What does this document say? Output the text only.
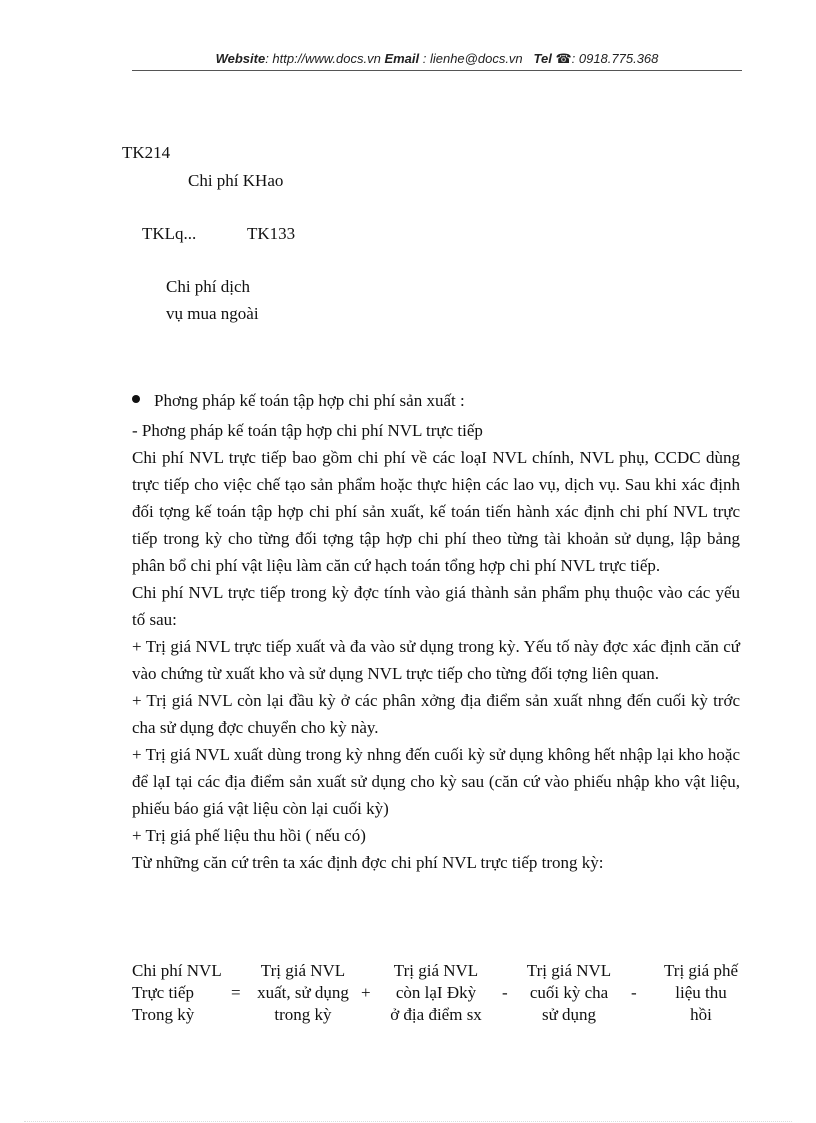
Website: http://www.docs.vn Email : lienhe@docs.vn Tel ☎: 0918.775.368
TK214
Chi phí KHao
TKLq...	TK133
Chi phí dịch
vụ mua ngoài
Phơng pháp kế toán tập hợp chi phí sản xuất :

- Phơng pháp kế toán tập hợp chi phí NVL trực tiếp

Chi phí NVL trực tiếp bao gồm chi phí về các loạI NVL chính, NVL phụ, CCDC dùng trực tiếp cho việc chế tạo sản phẩm hoặc thực hiện các lao vụ, dịch vụ. Sau khi xác định đối tợng kế toán tập hợp chi phí sản xuất, kế toán tiến hành xác định chi phí NVL trực tiếp trong kỳ cho từng đối tợng tập hợp chi phí theo từng tài khoản sử dụng, lập bảng phân bổ chi phí vật liệu làm căn cứ hạch toán tổng hợp chi phí NVL trực tiếp.

Chi phí NVL trực tiếp trong kỳ đợc tính vào giá thành sản phẩm phụ thuộc vào các yếu tố sau:

+ Trị giá NVL trực tiếp xuất và đa vào sử dụng trong kỳ. Yếu tố này đợc xác định căn cứ vào chứng từ xuất kho và sử dụng NVL trực tiếp cho từng đối tợng liên quan.

+ Trị giá NVL còn lại đầu kỳ ở các phân xởng địa điểm sản xuất nhng đến cuối kỳ trớc cha sử dụng đợc chuyển cho kỳ này.

+ Trị giá NVL xuất dùng trong kỳ nhng đến cuối kỳ sử dụng không hết nhập lại kho hoặc để lạI tại các địa điểm sản xuất sử dụng cho kỳ sau (căn cứ vào phiếu nhập kho vật liệu, phiếu báo giá vật liệu còn lại cuối kỳ)

+ Trị giá phế liệu thu hồi ( nếu có)

Từ những căn cứ trên ta xác định đợc chi phí NVL trực tiếp trong kỳ:

Chi phí NVL
Trực tiếp
Trong kỳ
=
Trị giá NVL
xuất, sử dụng
trong kỳ
+
Trị giá NVL
còn lạI Đkỳ
ở địa điểm sx
-
Trị giá NVL
cuối kỳ cha
sử dụng
-
Trị giá phế
liệu thu
hồi
